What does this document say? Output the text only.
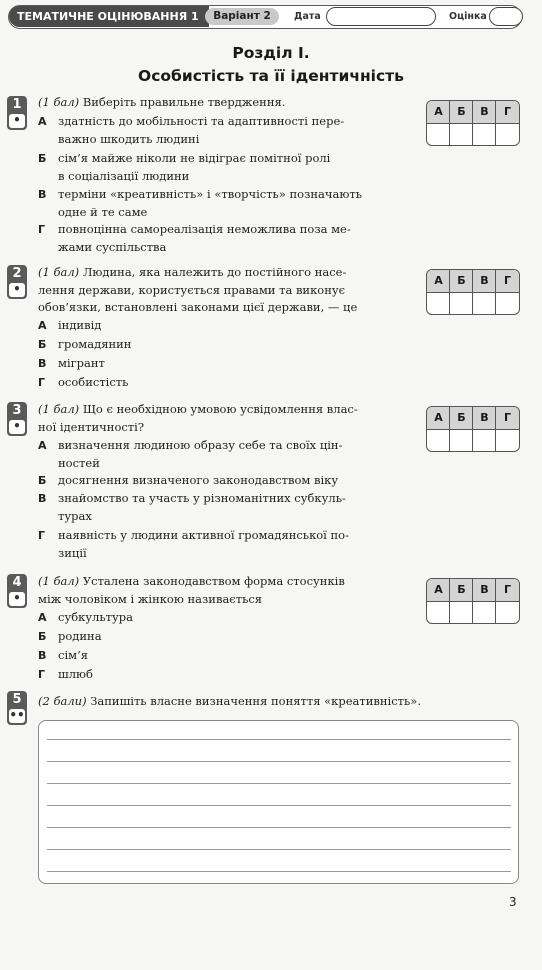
ТЕМАТИЧНЕ ОЦІНЮВАННЯ 1	Варіант 2	Дата	Оцінка
Розділ І.
Особистість та її ідентичність
1
•
(1 бал) Виберіть правильне твердження.
А здатність до мобільності та адаптивності пере-
важно шкодить людині
Б сім’я майже ніколи не відіграє помітної ролі
в соціалізації людини
В терміни «креативність» і «творчість» позначають
одне й те саме
Г повноцінна самореалізація неможлива поза ме-
жами суспільства
А	Б	В	Г
2
•
(1 бал) Людина, яка належить до постійного насе-
лення держави, користується правами та виконує
обов’язки, встановлені законами цієї держави, — це
А індивід
Б громадянин
В мігрант
Г особистість
А	Б	В	Г
3
•
(1 бал) Що є необхідною умовою усвідомлення влас-
ної ідентичності?
А визначення людиною образу себе та своїх цін-
ностей
Б досягнення визначеного законодавством віку
В знайомство та участь у різноманітних субкуль-
турах
Г наявність у людини активної громадянської по-
зиції
А	Б	В	Г
4
•
(1 бал) Усталена законодавством форма стосунків
між чоловіком і жінкою називається
А субкультура
Б родина
В сім’я
Г шлюб
А	Б	В	Г
5
••
(2 бали) Запишіть власне визначення поняття «креативність».
3
